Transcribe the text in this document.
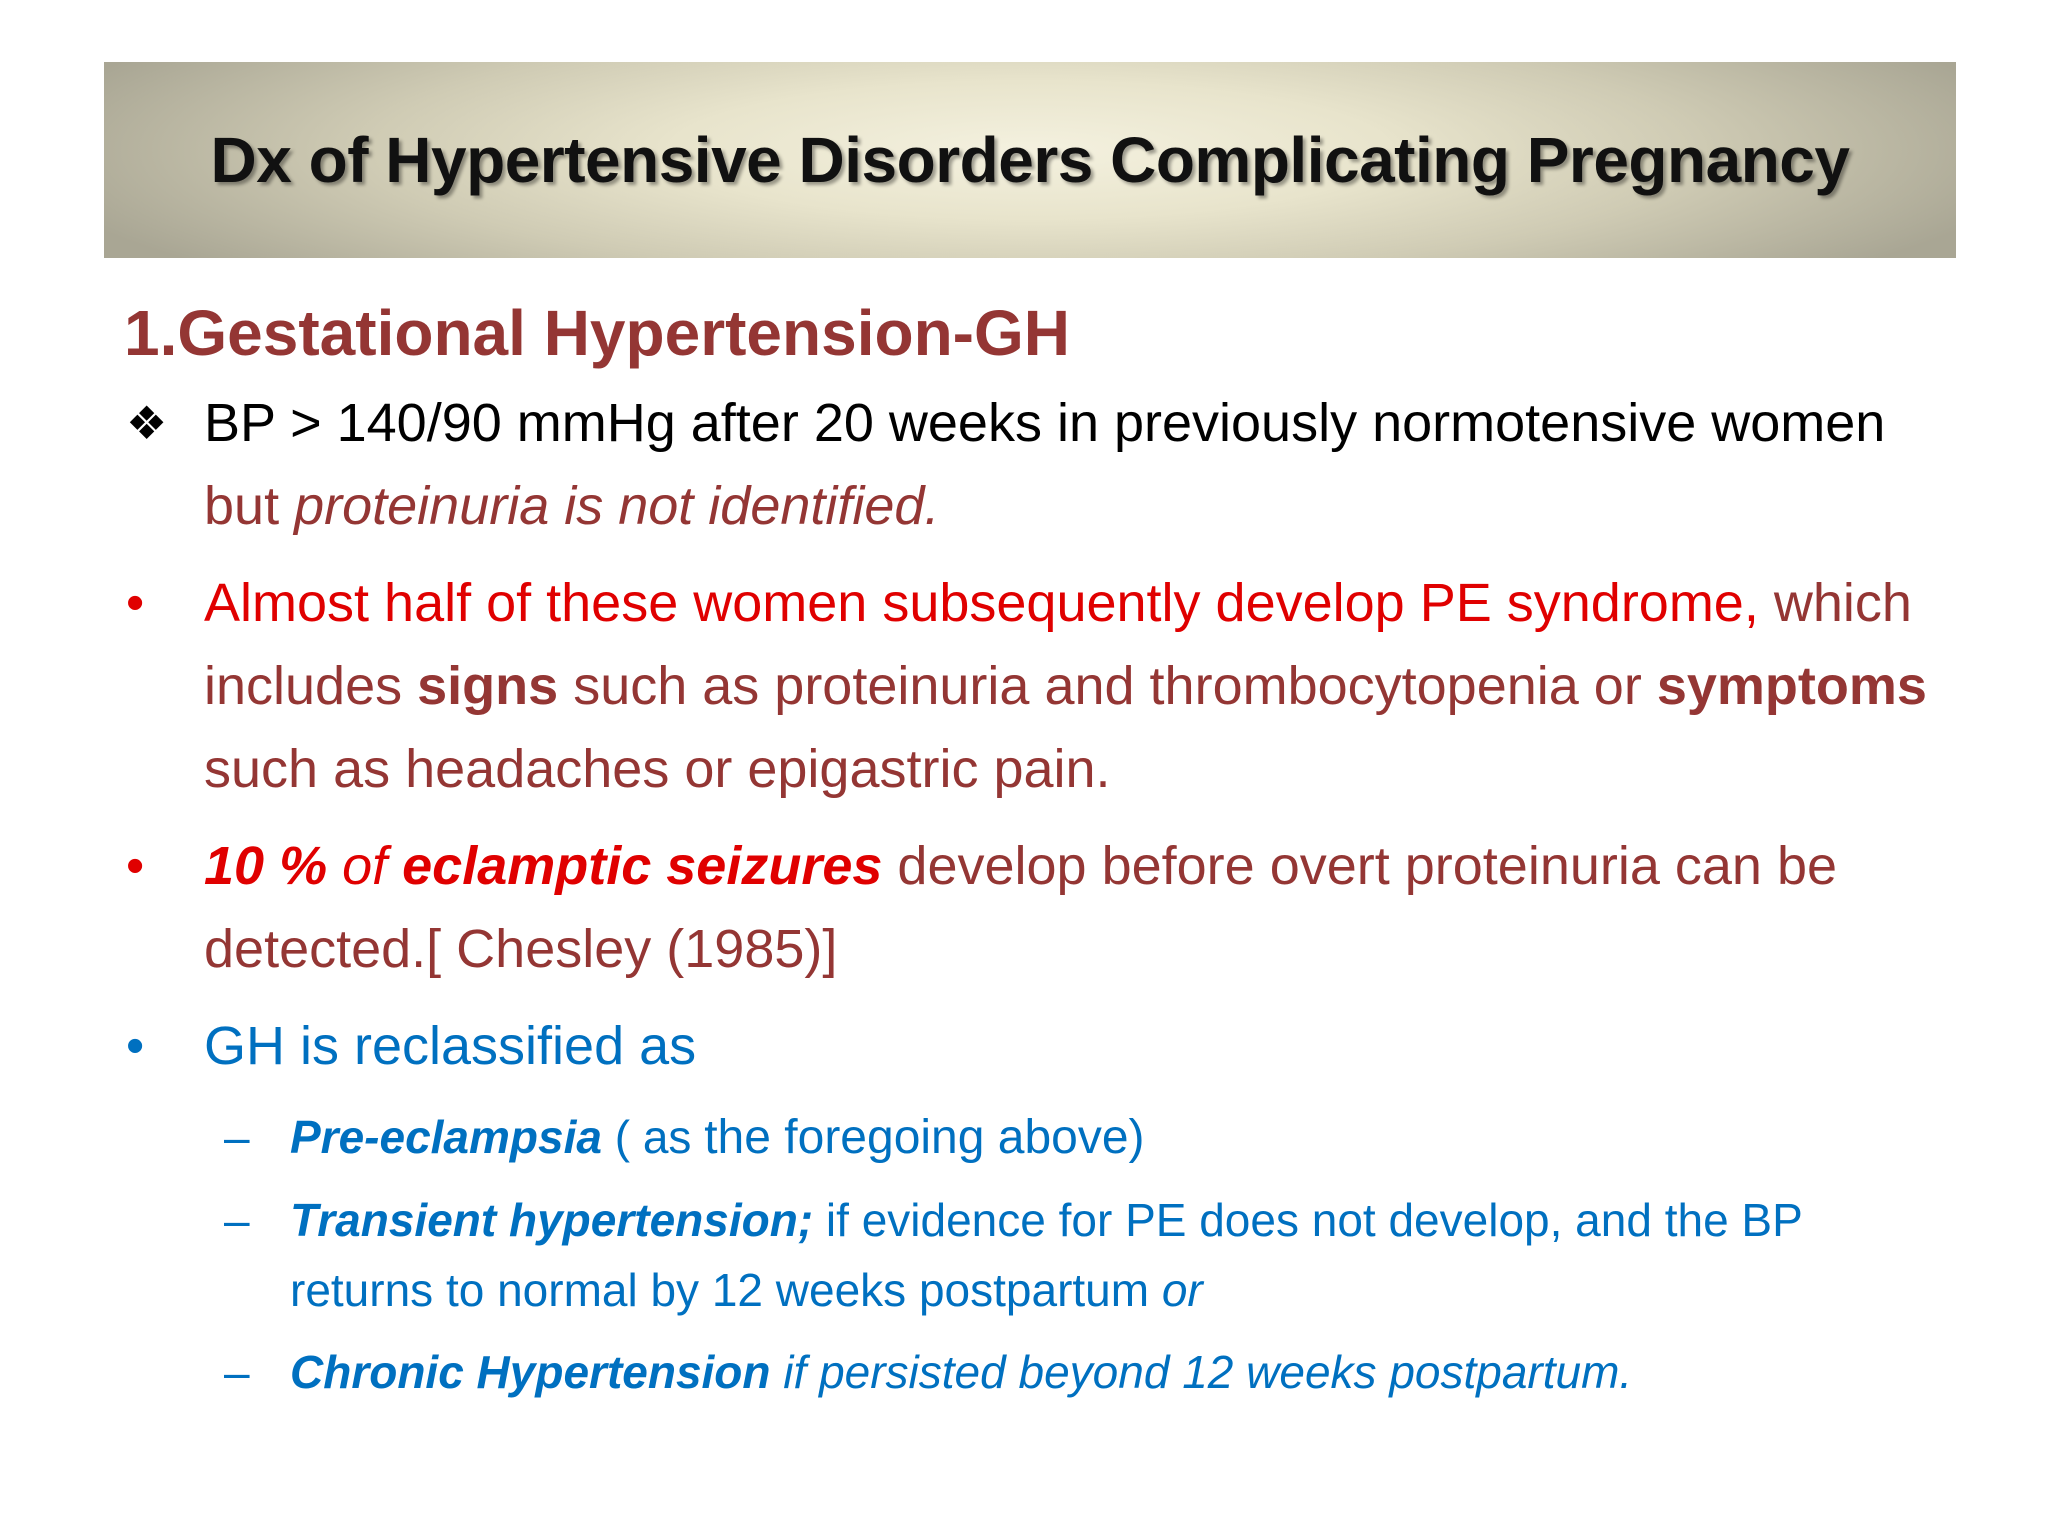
Dx of Hypertensive Disorders Complicating Pregnancy
1.Gestational Hypertension-GH
❖ BP > 140/90 mmHg after 20 weeks in previously normotensive women but proteinuria is not identified.
•	Almost half of these women subsequently develop PE syndrome, which includes signs such as proteinuria and thrombocytopenia or symptoms such as headaches or epigastric pain.
•	10 % of eclamptic seizures develop before overt proteinuria can be detected.[ Chesley (1985)]
•	GH is reclassified as
– Pre-eclampsia ( as the foregoing above)
– Transient hypertension; if evidence for PE does not develop, and the BP returns to normal by 12 weeks postpartum or
– Chronic Hypertension if persisted beyond 12 weeks postpartum.
